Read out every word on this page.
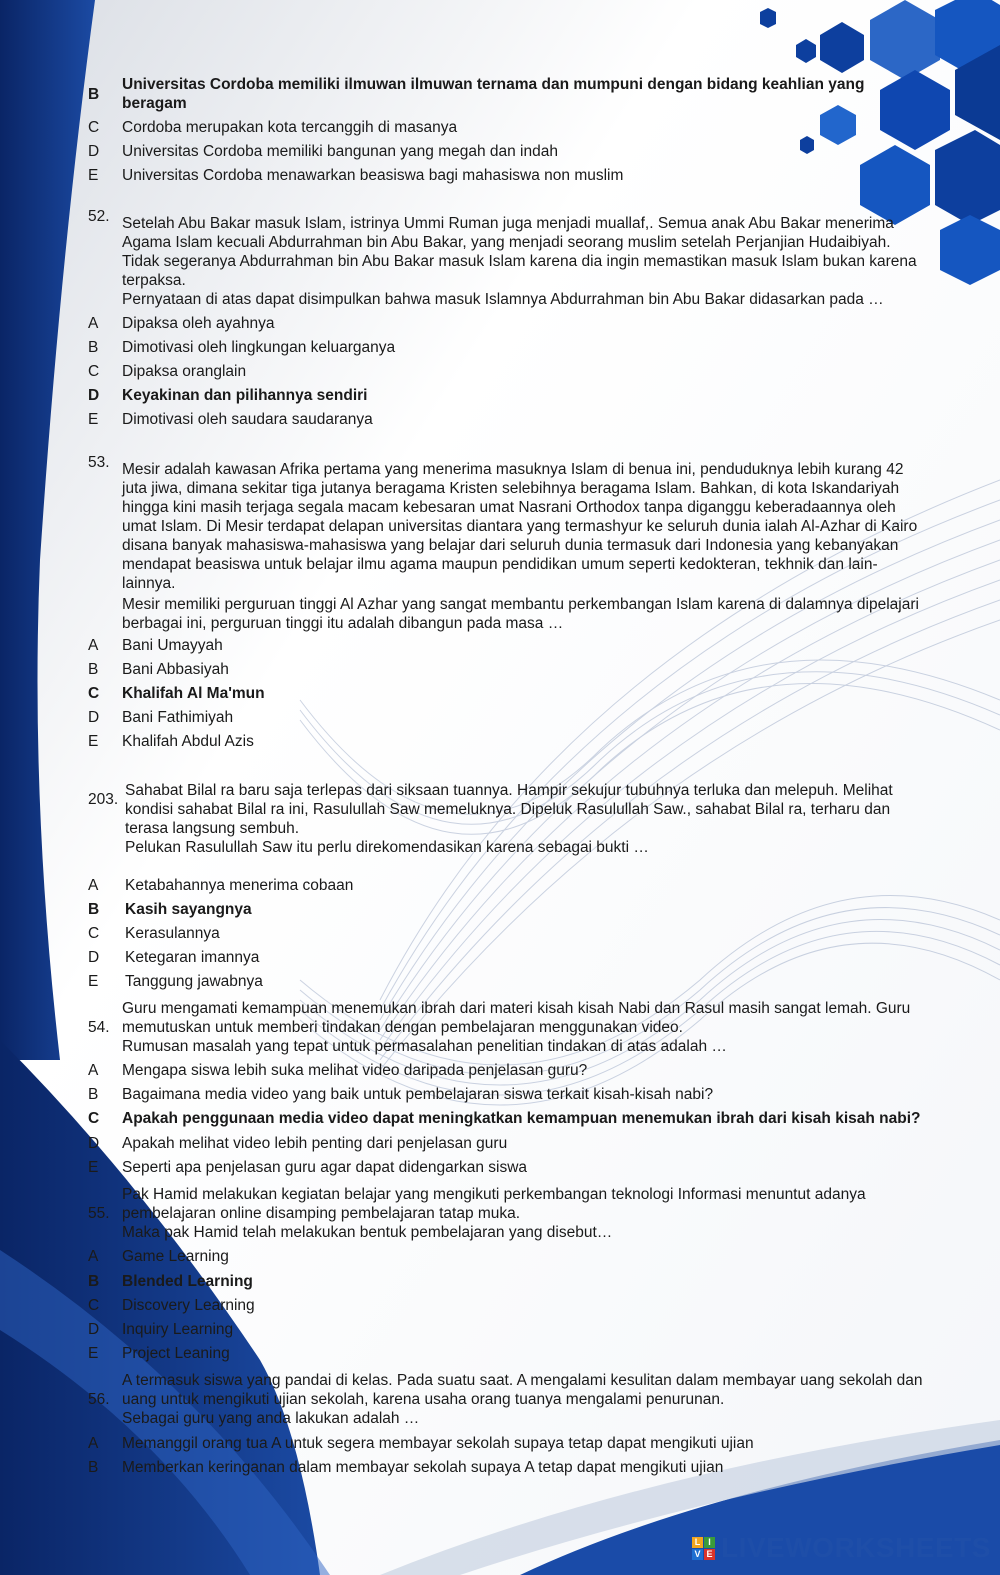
B
Universitas Cordoba memiliki ilmuwan ilmuwan ternama dan mumpuni dengan bidang keahlian yang
beragam
C Cordoba merupakan kota tercanggih di masanya
D Universitas Cordoba memiliki bangunan yang megah dan indah
E Universitas Cordoba menawarkan beasiswa bagi mahasiswa non muslim
52. Setelah Abu Bakar masuk Islam, istrinya Ummi Ruman juga menjadi muallaf,. Semua anak Abu Bakar menerima
Agama Islam kecuali Abdurrahman bin Abu Bakar, yang menjadi seorang muslim setelah Perjanjian Hudaibiyah.
Tidak segeranya Abdurrahman bin Abu Bakar masuk Islam karena dia ingin memastikan masuk Islam bukan karena
terpaksa.
Pernyataan di atas dapat disimpulkan bahwa masuk Islamnya Abdurrahman bin Abu Bakar didasarkan pada …
A Dipaksa oleh ayahnya
B Dimotivasi oleh lingkungan keluarganya
C Dipaksa oranglain
D Keyakinan dan pilihannya sendiri
E Dimotivasi oleh saudara saudaranya
53. Mesir adalah kawasan Afrika pertama yang menerima masuknya Islam di benua ini, penduduknya lebih kurang 42
juta jiwa, dimana sekitar tiga jutanya beragama Kristen selebihnya beragama Islam. Bahkan, di kota Iskandariyah
hingga kini masih terjaga segala macam kebesaran umat Nasrani Orthodox tanpa diganggu keberadaannya oleh
umat Islam. Di Mesir terdapat delapan universitas diantara yang termashyur ke seluruh dunia ialah Al-Azhar di Kairo
disana banyak mahasiswa-mahasiswa yang belajar dari seluruh dunia termasuk dari Indonesia yang kebanyakan
mendapat beasiswa untuk belajar ilmu agama maupun pendidikan umum seperti kedokteran, tekhnik dan lain-
lainnya.
Mesir memiliki perguruan tinggi Al Azhar yang sangat membantu perkembangan Islam karena di dalamnya dipelajari
berbagai ini, perguruan tinggi itu adalah dibangun pada masa …
A Bani Umayyah
B Bani Abbasiyah
C Khalifah Al Ma'mun
D Bani Fathimiyah
E Khalifah Abdul Azis
203.
Sahabat Bilal ra baru saja terlepas dari siksaan tuannya. Hampir sekujur tubuhnya terluka dan melepuh. Melihat
kondisi sahabat Bilal ra ini, Rasulullah Saw memeluknya. Dipeluk Rasulullah Saw., sahabat Bilal ra, terharu dan
terasa langsung sembuh.
Pelukan Rasulullah Saw itu perlu direkomendasikan karena sebagai bukti …
A Ketabahannya menerima cobaan
B Kasih sayangnya
C Kerasulannya
D Ketegaran imannya
E Tanggung jawabnya
Guru mengamati kemampuan menemukan ibrah dari materi kisah kisah Nabi dan Rasul masih sangat lemah. Guru
54. memutuskan untuk memberi tindakan dengan pembelajaran menggunakan video.
Rumusan masalah yang tepat untuk permasalahan penelitian tindakan di atas adalah …
A Mengapa siswa lebih suka melihat video daripada penjelasan guru?
B Bagaimana media video yang baik untuk pembelajaran siswa terkait kisah-kisah nabi?
C Apakah penggunaan media video dapat meningkatkan kemampuan menemukan ibrah dari kisah kisah nabi?
D Apakah melihat video lebih penting dari penjelasan guru
E Seperti apa penjelasan guru agar dapat didengarkan siswa
Pak Hamid melakukan kegiatan belajar yang mengikuti perkembangan teknologi Informasi menuntut adanya
55. pembelajaran online disamping pembelajaran tatap muka.
Maka pak Hamid telah melakukan bentuk pembelajaran yang disebut…
A Game Learning
B Blended Learning
C Discovery Learning
D Inquiry Learning
E Project Leaning
A termasuk siswa yang pandai di kelas. Pada suatu saat. A mengalami kesulitan dalam membayar uang sekolah dan
56. uang untuk mengikuti ujian sekolah, karena usaha orang tuanya mengalami penurunan.
Sebagai guru yang anda lakukan adalah …
A Memanggil orang tua A untuk segera membayar sekolah supaya tetap dapat mengikuti ujian
B Memberkan keringanan dalam membayar sekolah supaya A tetap dapat mengikuti ujian
L I
V E LIVEWORKSHEETS
